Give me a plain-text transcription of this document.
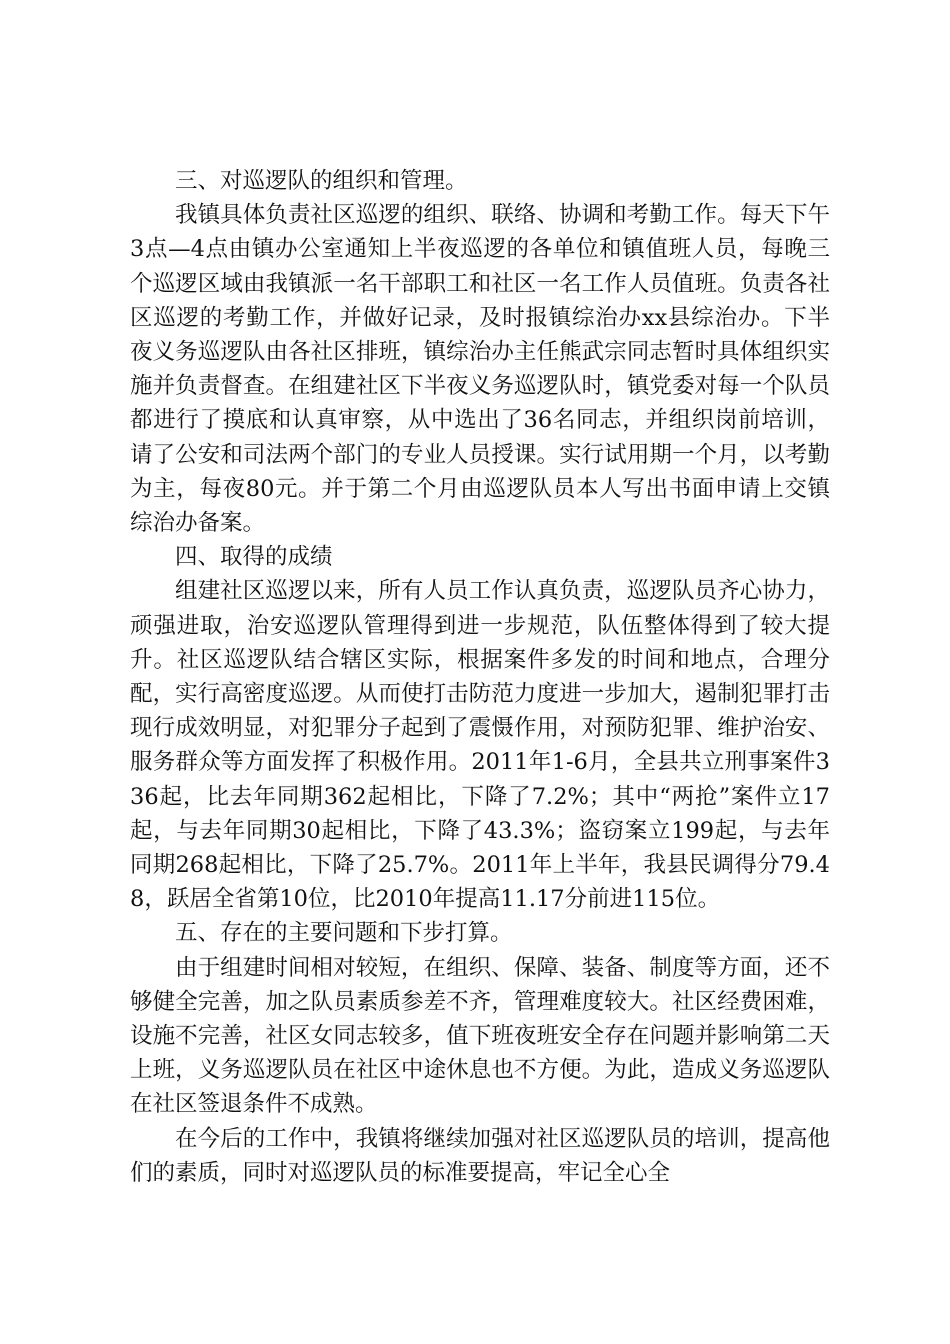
三、对巡逻队的组织和管理。

我镇具体负责社区巡逻的组织、联络、协调和考勤工作。每天下午3点—4点由镇办公室通知上半夜巡逻的各单位和镇值班人员，每晚三个巡逻区域由我镇派一名干部职工和社区一名工作人员值班。负责各社区巡逻的考勤工作，并做好记录，及时报镇综治办xx县综治办。下半夜义务巡逻队由各社区排班，镇综治办主任熊武宗同志暂时具体组织实施并负责督查。在组建社区下半夜义务巡逻队时，镇党委对每一个队员都进行了摸底和认真审察，从中选出了36名同志，并组织岗前培训，请了公安和司法两个部门的专业人员授课。实行试用期一个月，以考勤为主，每夜80元。并于第二个月由巡逻队员本人写出书面申请上交镇综治办备案。

四、取得的成绩

组建社区巡逻以来，所有人员工作认真负责，巡逻队员齐心协力，顽强进取，治安巡逻队管理得到进一步规范，队伍整体得到了较大提升。社区巡逻队结合辖区实际，根据案件多发的时间和地点，合理分配，实行高密度巡逻。从而使打击防范力度进一步加大，遏制犯罪打击现行成效明显，对犯罪分子起到了震慑作用，对预防犯罪、维护治安、服务群众等方面发挥了积极作用。2011年1-6月，全县共立刑事案件336起，比去年同期362起相比，下降了7.2%；其中“两抢”案件立17起，与去年同期30起相比，下降了43.3%；盗窃案立199起，与去年同期268起相比，下降了25.7%。2011年上半年，我县民调得分79.48，跃居全省第10位，比2010年提高11.17分前进115位。

五、存在的主要问题和下步打算。

由于组建时间相对较短，在组织、保障、装备、制度等方面，还不够健全完善，加之队员素质参差不齐，管理难度较大。社区经费困难，设施不完善，社区女同志较多，值下班夜班安全存在问题并影响第二天上班，义务巡逻队员在社区中途休息也不方便。为此，造成义务巡逻队在社区签退条件不成熟。

在今后的工作中，我镇将继续加强对社区巡逻队员的培训，提高他们的素质，同时对巡逻队员的标准要提高，牢记全心全
